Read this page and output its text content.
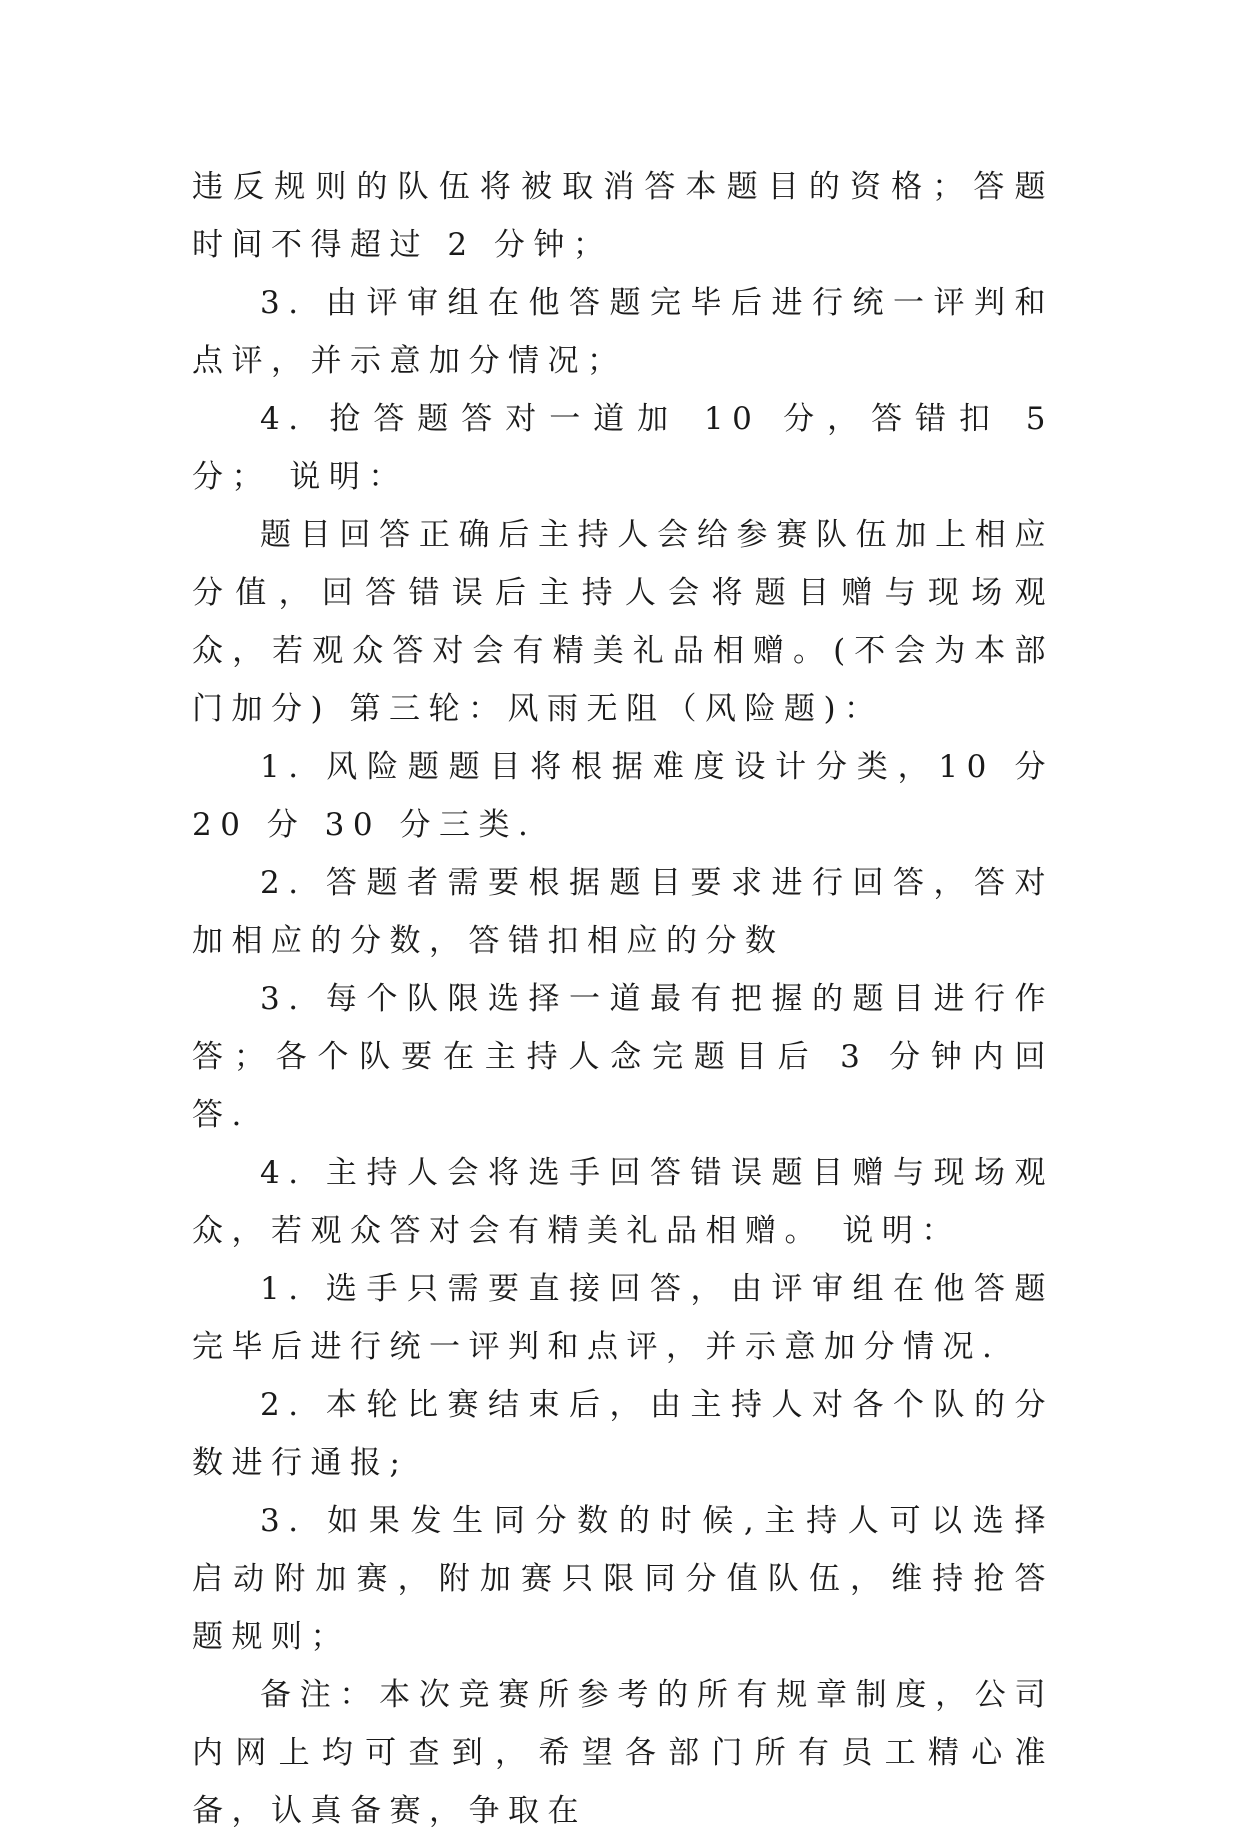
违反规则的队伍将被取消答本题目的资格；答题时间不得超过 2 分钟；

3. 由评审组在他答题完毕后进行统一评判和点评，并示意加分情况；

4. 抢答题答对一道加 10 分，答错扣 5 分； 说明：

题目回答正确后主持人会给参赛队伍加上相应分值，回答错误后主持人会将题目赠与现场观众，若观众答对会有精美礼品相赠。(不会为本部门加分) 第三轮：风雨无阻（风险题)：

1. 风险题题目将根据难度设计分类，10 分 20 分 30 分三类.

2. 答题者需要根据题目要求进行回答，答对加相应的分数，答错扣相应的分数

3. 每个队限选择一道最有把握的题目进行作答；各个队要在主持人念完题目后 3 分钟内回答.

4. 主持人会将选手回答错误题目赠与现场观众，若观众答对会有精美礼品相赠。 说明：

1. 选手只需要直接回答，由评审组在他答题完毕后进行统一评判和点评，并示意加分情况.

2. 本轮比赛结束后，由主持人对各个队的分数进行通报;

3. 如果发生同分数的时候,主持人可以选择启动附加赛，附加赛只限同分值队伍，维持抢答题规则；

备注：本次竞赛所参考的所有规章制度，公司内网上均可查到，希望各部门所有员工精心准备，认真备赛，争取在
